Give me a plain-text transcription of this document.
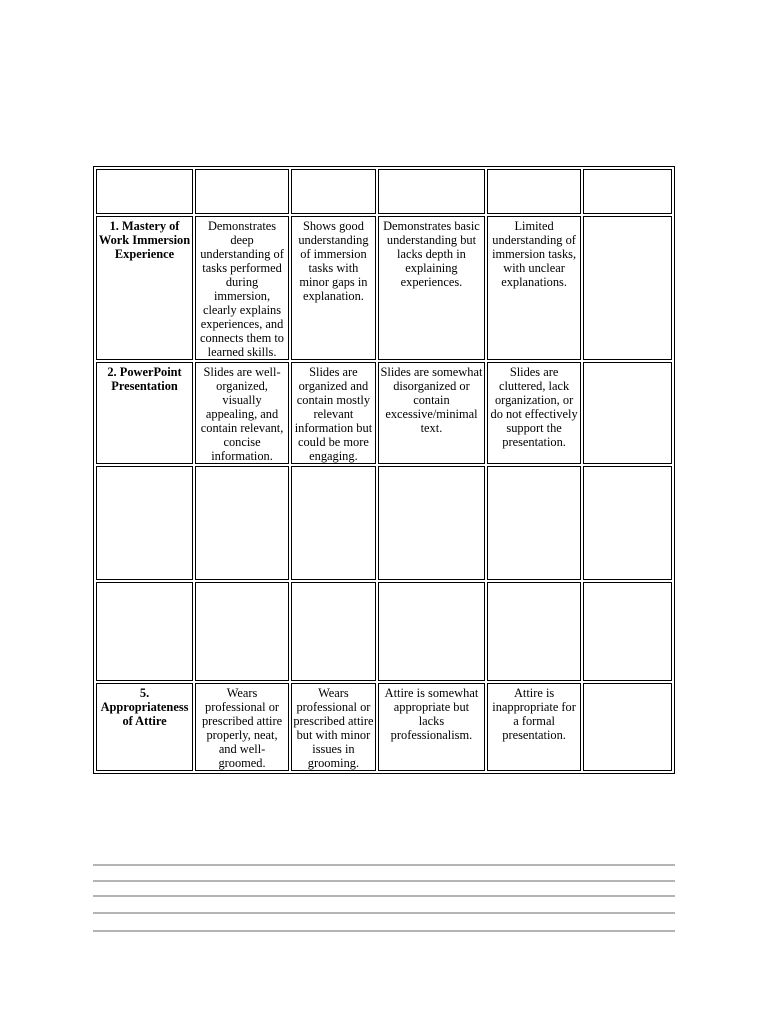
1. Mastery of Work Immersion Experience	Demonstrates deep understanding of tasks performed during immersion, clearly explains experiences, and connects them to learned skills.	Shows good understanding of immersion tasks with minor gaps in explanation.	Demonstrates basic understanding but lacks depth in explaining experiences.	Limited understanding of immersion tasks, with unclear explanations.	
2. PowerPoint Presentation	Slides are well-organized, visually appealing, and contain relevant, concise information.	Slides are organized and contain mostly relevant information but could be more engaging.	Slides are somewhat disorganized or contain excessive/minimal text.	Slides are cluttered, lack organization, or do not effectively support the presentation.	

5. Appropriateness of Attire	Wears professional or prescribed attire properly, neat, and well-groomed.	Wears professional or prescribed attire but with minor issues in grooming.	Attire is somewhat appropriate but lacks professionalism.	Attire is inappropriate for a formal presentation.	
